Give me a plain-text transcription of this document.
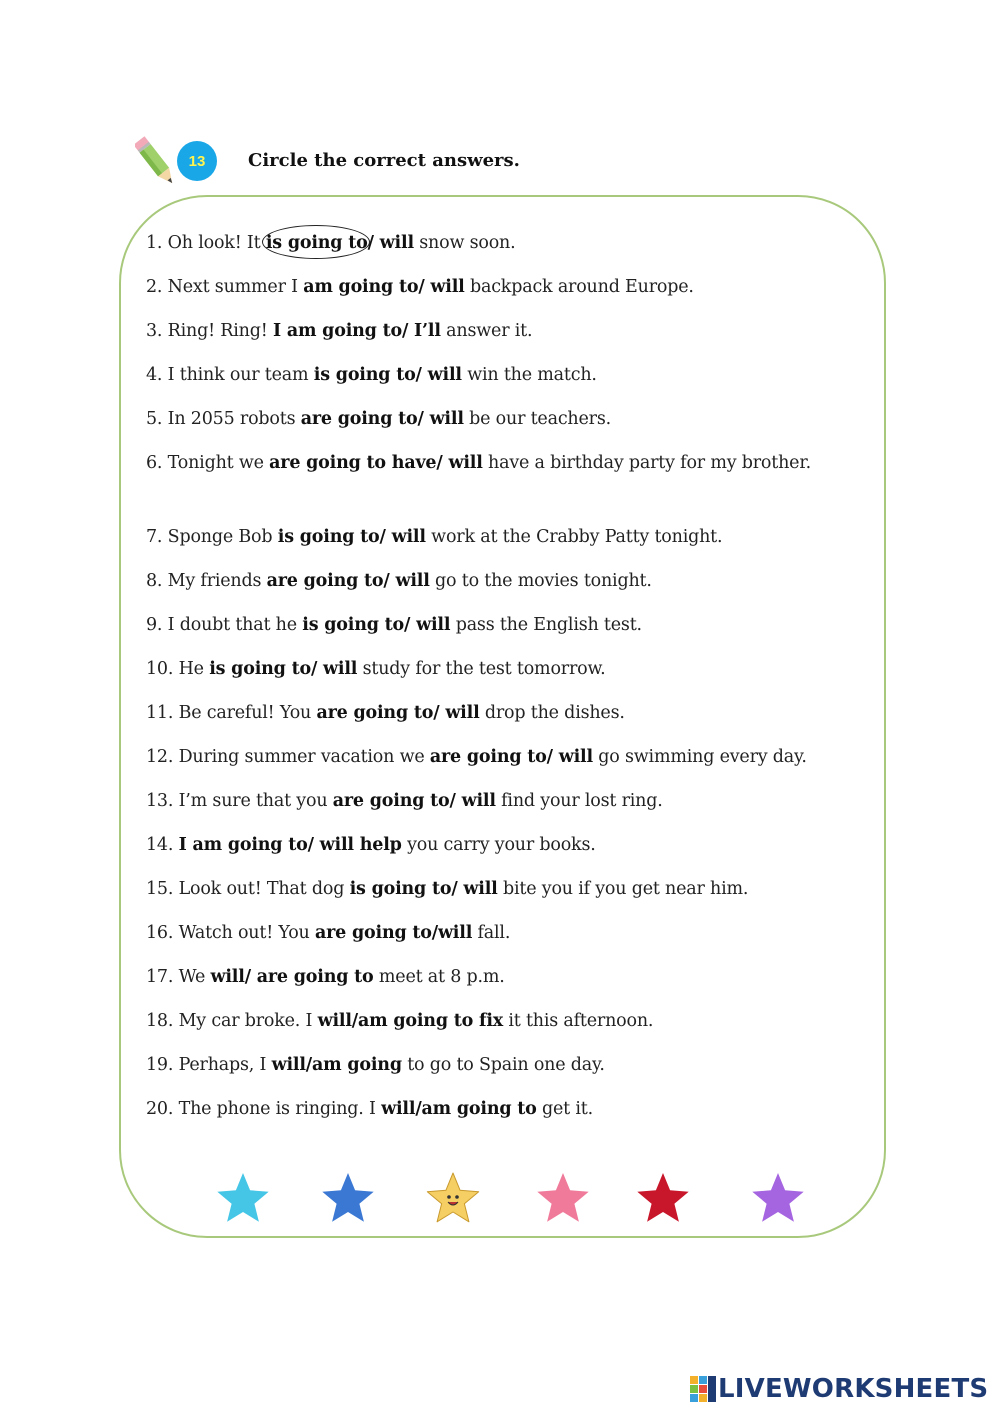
13	Circle the correct answers.
1. Oh look! It is going to
/ will snow soon.
2. Next summer I am going to/ will backpack around Europe.
3. Ring! Ring! I am going to/ I’ll answer it.
4. I think our team is going to/ will win the match.
5. In 2055 robots are going to/ will be our teachers.
6. Tonight we are going to have/ will have a birthday party for my brother.
7. Sponge Bob is going to/ will work at the Crabby Patty tonight.
8. My friends are going to/ will go to the movies tonight.
9. I doubt that he is going to/ will pass the English test.
10. He is going to/ will study for the test tomorrow.
11. Be careful! You are going to/ will drop the dishes.
12. During summer vacation we are going to/ will go swimming every day.
13. I’m sure that you are going to/ will find your lost ring.
14. I am going to/ will help you carry your books.
15. Look out! That dog is going to/ will bite you if you get near him.
16. Watch out! You are going to/will fall.
17. We will/ are going to meet at 8 p.m.
18. My car broke. I will/am going to fix it this afternoon.
19. Perhaps, I will/am going to go to Spain one day.
20. The phone is ringing. I will/am going to get it.
LIVEWORKSHEETS
